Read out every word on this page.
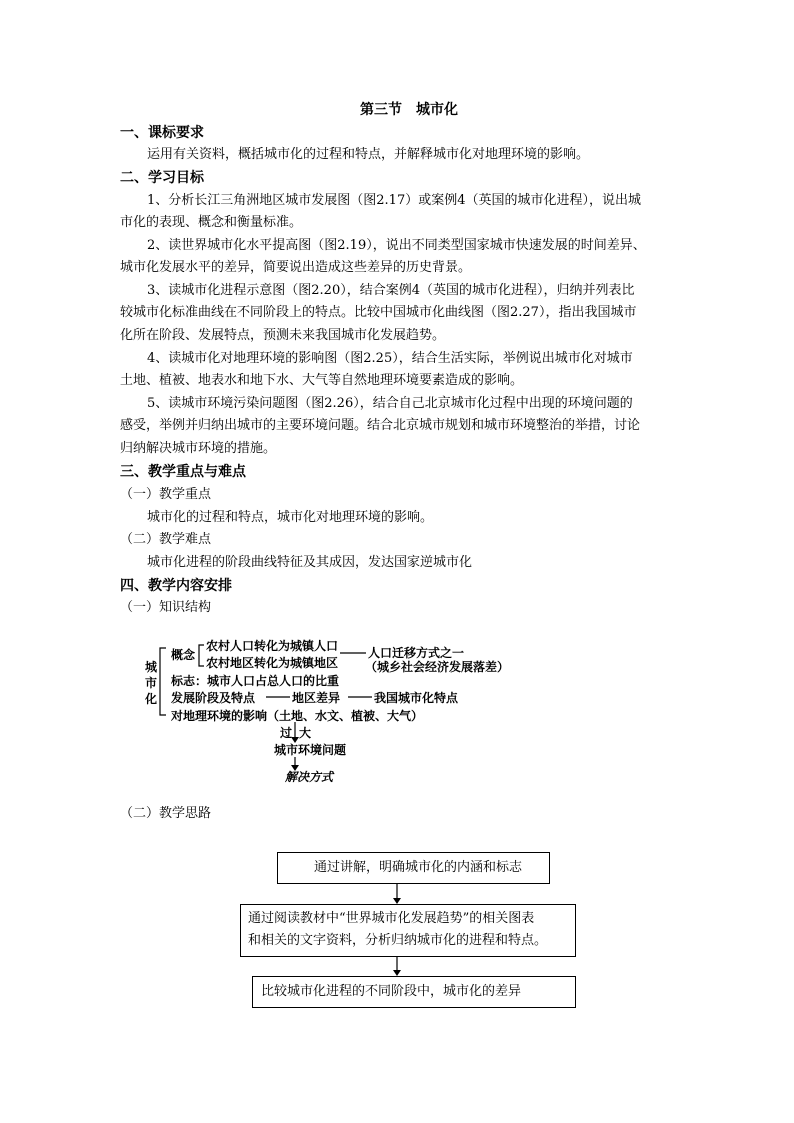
第三节　城市化
一、课标要求
运用有关资料，概括城市化的过程和特点，并解释城市化对地理环境的影响。
二、学习目标
1、分析长江三角洲地区城市发展图（图2.17）或案例4（英国的城市化进程），说出城
市化的表现、概念和衡量标准。
2、读世界城市化水平提高图（图2.19），说出不同类型国家城市快速发展的时间差异、
城市化发展水平的差异，简要说出造成这些差异的历史背景。
3、读城市化进程示意图（图2.20），结合案例4（英国的城市化进程），归纳并列表比
较城市化标准曲线在不同阶段上的特点。比较中国城市化曲线图（图2.27），指出我国城市
化所在阶段、发展特点，预测未来我国城市化发展趋势。
4、读城市化对地理环境的影响图（图2.25），结合生活实际，举例说出城市化对城市
土地、植被、地表水和地下水、大气等自然地理环境要素造成的影响。
5、读城市环境污染问题图（图2.26），结合自己北京城市化过程中出现的环境问题的
感受，举例并归纳出城市的主要环境问题。结合北京城市规划和城市环境整治的举措，讨论
归纳解决城市环境的措施。
三、教学重点与难点
（一）教学重点
城市化的过程和特点，城市化对地理环境的影响。
（二）教学难点
城市化进程的阶段曲线特征及其成因，发达国家逆城市化
四、教学内容安排
（一）知识结构
城
市
化
概念
农村人口转化为城镇人口
农村地区转化为城镇地区
人口迁移方式之一
（城乡社会经济发展落差）
标志：城市人口占总人口的比重
发展阶段及特点	地区差异	我国城市化特点
对地理环境的影响（土地、水文、植被、大气）
过 大
城市环境问题
解决方式
（二）教学思路
通过讲解，明确城市化的内涵和标志
通过阅读教材中“世界城市化发展趋势”的相关图表
和相关的文字资料，分析归纳城市化的进程和特点。
比较城市化进程的不同阶段中，城市化的差异
